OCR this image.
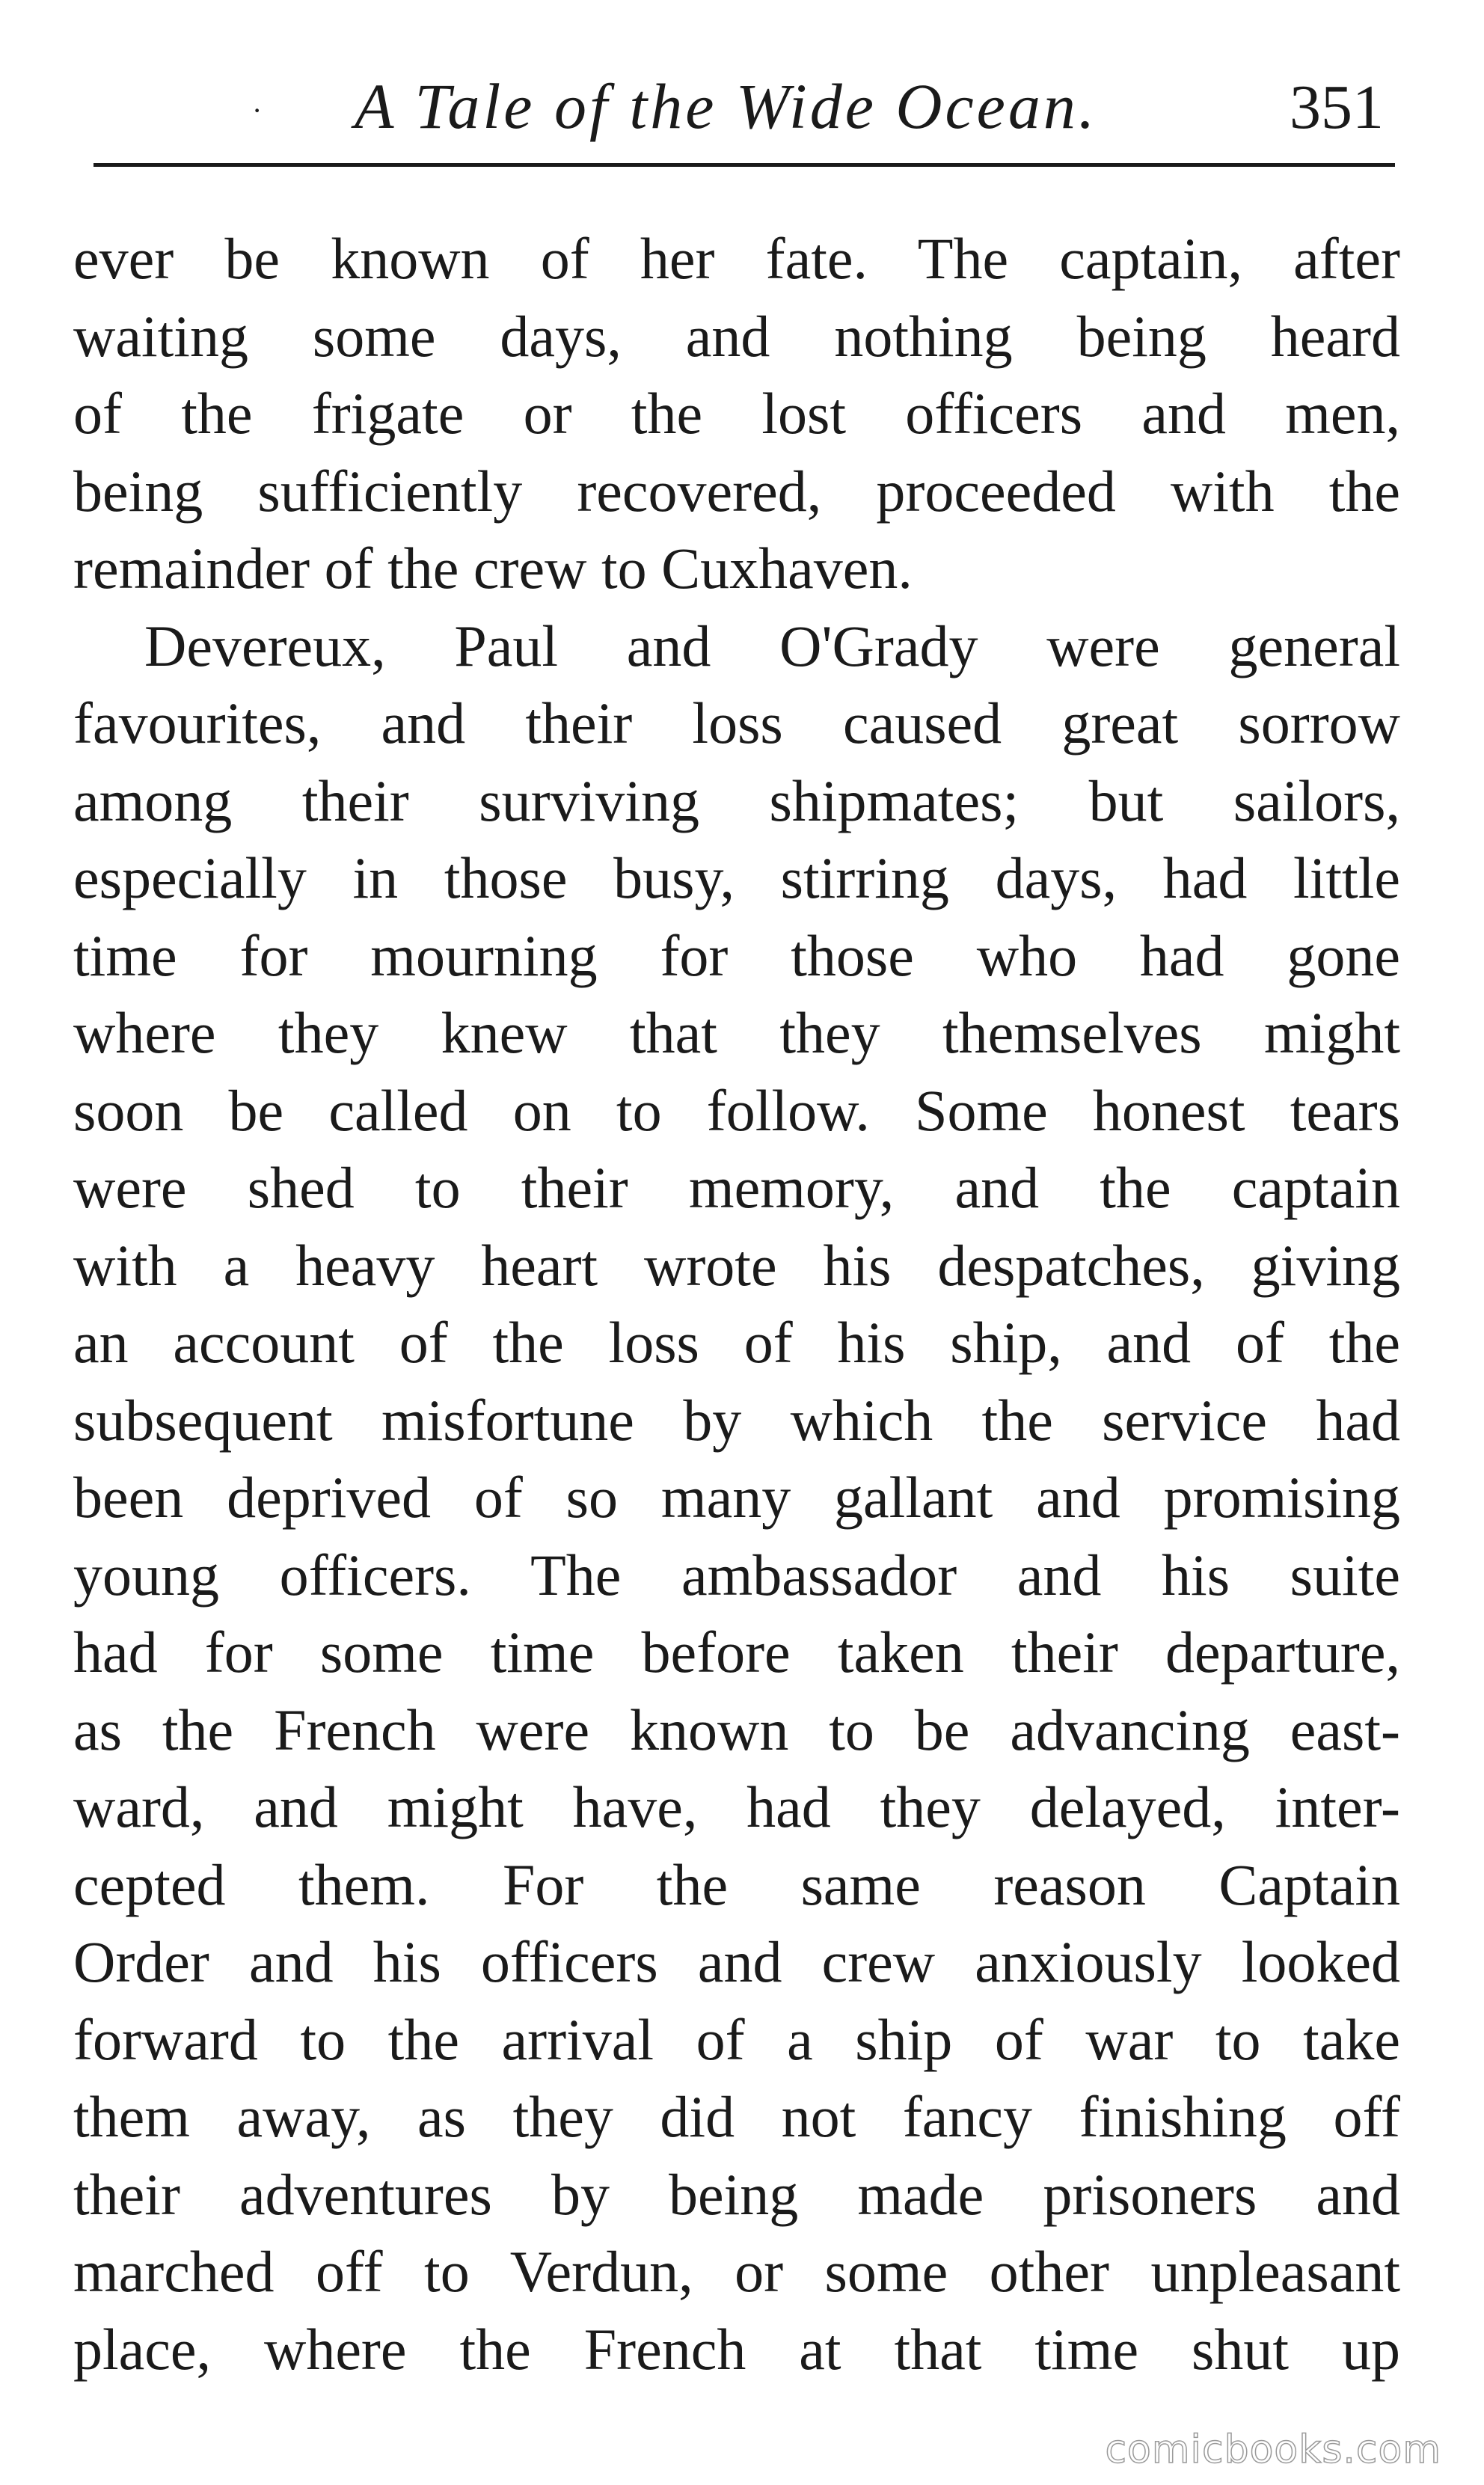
· A Tale of the Wide Ocean.	351
ever be known of her fate. The captain, after
waiting some days, and nothing being heard
of the frigate or the lost officers and men,
being sufficiently recovered, proceeded with the
remainder of the crew to Cuxhaven.
Devereux, Paul and O'Grady were general
favourites, and their loss caused great sorrow
among their surviving shipmates; but sailors,
especially in those busy, stirring days, had little
time for mourning for those who had gone
where they knew that they themselves might
soon be called on to follow. Some honest tears
were shed to their memory, and the captain
with a heavy heart wrote his despatches, giving
an account of the loss of his ship, and of the
subsequent misfortune by which the service had
been deprived of so many gallant and promising
young officers. The ambassador and his suite
had for some time before taken their departure,
as the French were known to be advancing east-
ward, and might have, had they delayed, inter-
cepted them. For the same reason Captain
Order and his officers and crew anxiously looked
forward to the arrival of a ship of war to take
them away, as they did not fancy finishing off
their adventures by being made prisoners and
marched off to Verdun, or some other unpleasant
place, where the French at that time shut up
comicbooks.com
